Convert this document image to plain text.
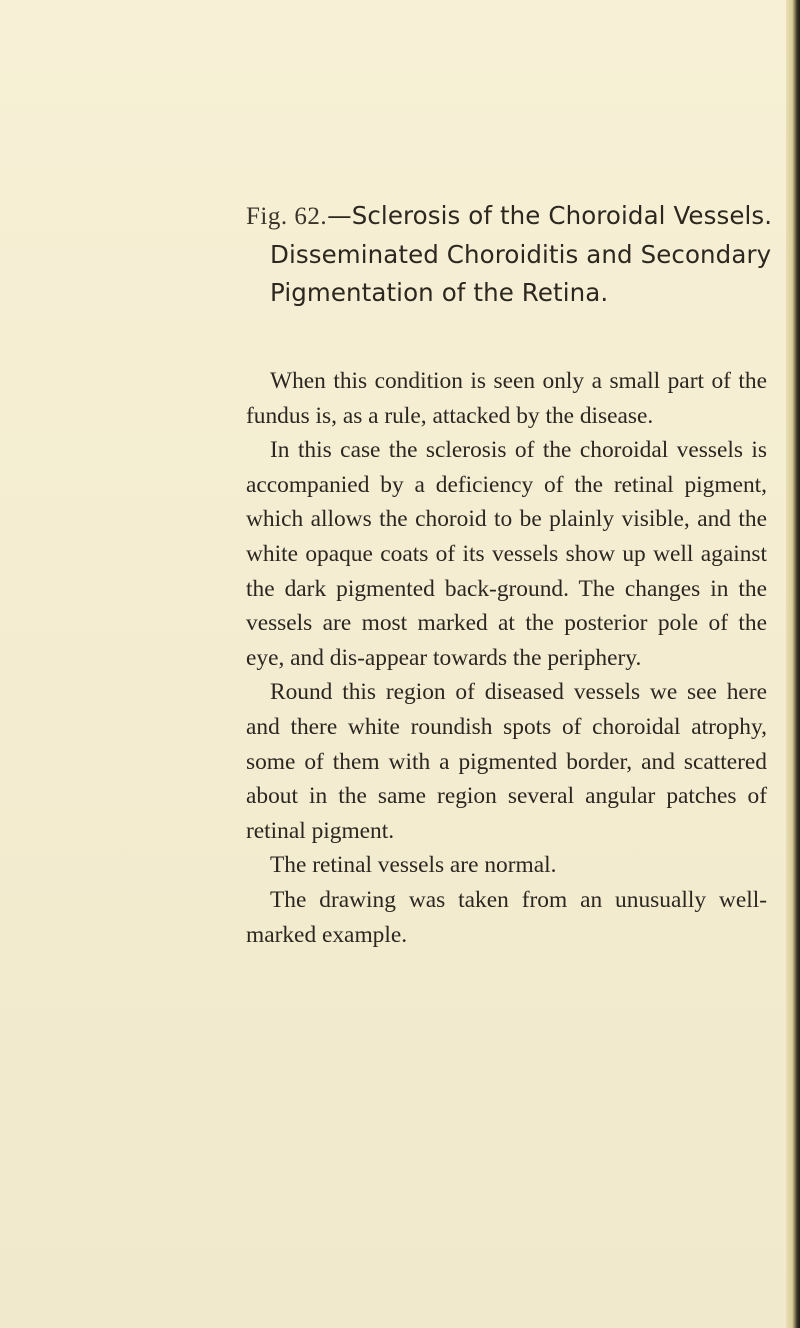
Fig. 62.—Sclerosis of the Choroidal Vessels.
Disseminated Choroiditis and Secondary
Pigmentation of the Retina.

When this condition is seen only a small part of the fundus is, as a rule, attacked by the disease.

In this case the sclerosis of the choroidal vessels is accompanied by a deficiency of the retinal pigment, which allows the choroid to be plainly visible, and the white opaque coats of its vessels show up well against the dark pigmented back-ground. The changes in the vessels are most marked at the posterior pole of the eye, and dis-appear towards the periphery.

Round this region of diseased vessels we see here and there white roundish spots of choroidal atrophy, some of them with a pigmented border, and scattered about in the same region several angular patches of retinal pigment.

The retinal vessels are normal.

The drawing was taken from an unusually well-marked example.
